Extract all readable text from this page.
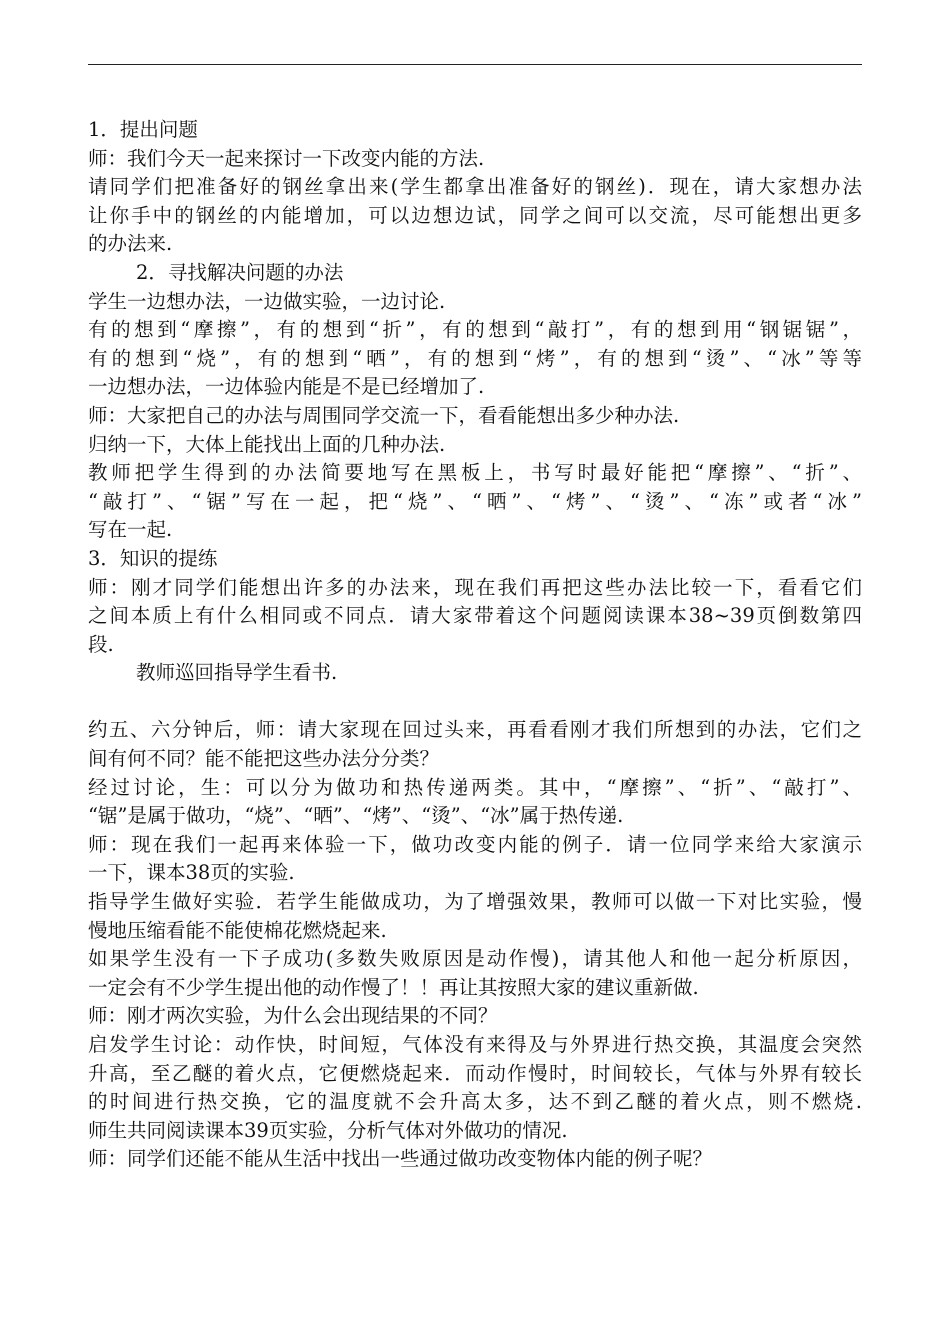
1．提出问题
师：我们今天一起来探讨一下改变内能的方法.
请同学们把准备好的钢丝拿出来(学生都拿出准备好的钢丝)．现在，请大家想办法
让你手中的钢丝的内能增加，可以边想边试，同学之间可以交流，尽可能想出更多
的办法来.
2．寻找解决问题的办法
学生一边想办法，一边做实验，一边讨论.
有的想到“摩擦”，有的想到“折”，有的想到“敲打”，有的想到用“钢锯锯”，
有的想到“烧”，有的想到“晒”，有的想到“烤”，有的想到“烫”、“冰”等等
一边想办法，一边体验内能是不是已经增加了.
师：大家把自己的办法与周围同学交流一下，看看能想出多少种办法.
归纳一下，大体上能找出上面的几种办法.
教师把学生得到的办法简要地写在黑板上，书写时最好能把“摩擦”、“折”、
“敲打”、“锯”写在一起，把“烧”、“晒”、“烤”、“烫”、“冻”或者“冰”
写在一起.
3．知识的提练
师：刚才同学们能想出许多的办法来，现在我们再把这些办法比较一下，看看它们
之间本质上有什么相同或不同点．请大家带着这个问题阅读课本38~39页倒数第四
段.
教师巡回指导学生看书.
约五、六分钟后，师：请大家现在回过头来，再看看刚才我们所想到的办法，它们之
间有何不同？能不能把这些办法分分类？
经过讨论，生：可以分为做功和热传递两类。其中，“摩擦”、“折”、“敲打”、
“锯”是属于做功，“烧”、“晒”、“烤”、“烫”、“冰”属于热传递.
师：现在我们一起再来体验一下，做功改变内能的例子．请一位同学来给大家演示
一下，课本38页的实验.
指导学生做好实验．若学生能做成功，为了增强效果，教师可以做一下对比实验，慢
慢地压缩看能不能使棉花燃烧起来.
如果学生没有一下子成功(多数失败原因是动作慢)，请其他人和他一起分析原因，
一定会有不少学生提出他的动作慢了！！再让其按照大家的建议重新做.
师：刚才两次实验，为什么会出现结果的不同？
启发学生讨论：动作快，时间短，气体没有来得及与外界进行热交换，其温度会突然
升高，至乙醚的着火点，它便燃烧起来．而动作慢时，时间较长，气体与外界有较长
的时间进行热交换，它的温度就不会升高太多，达不到乙醚的着火点，则不燃烧.
师生共同阅读课本39页实验，分析气体对外做功的情况.
师：同学们还能不能从生活中找出一些通过做功改变物体内能的例子呢？
